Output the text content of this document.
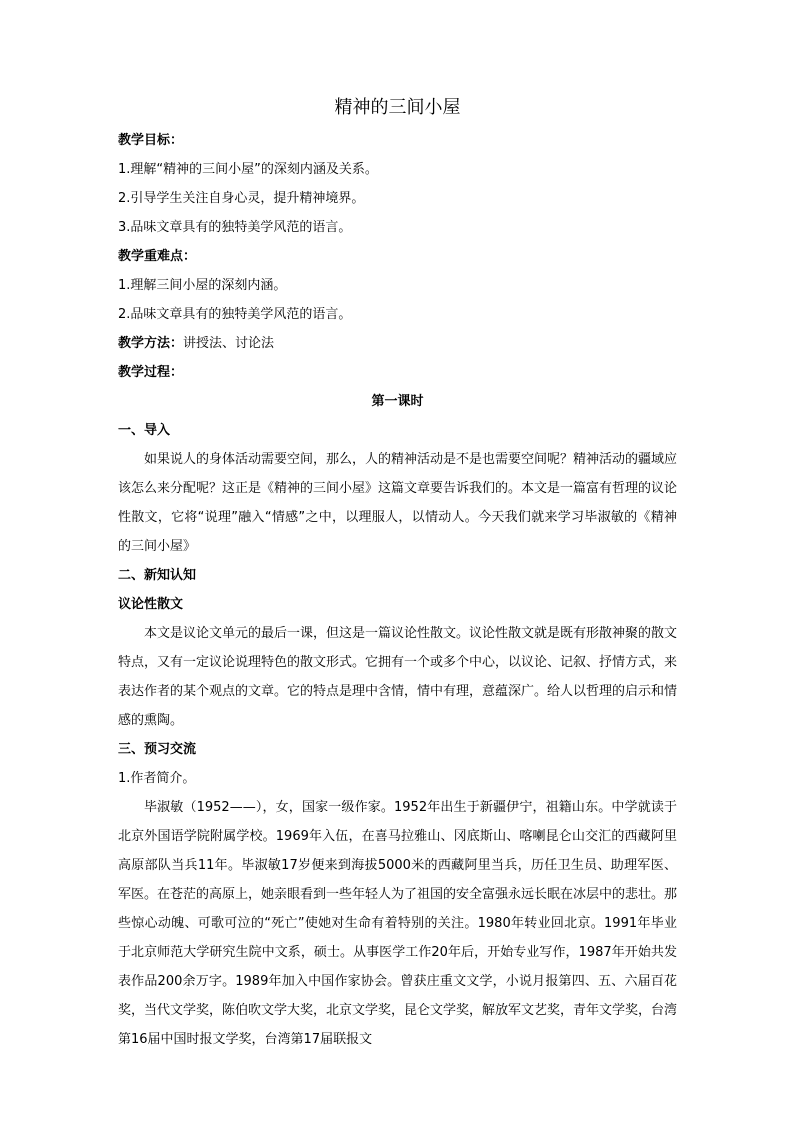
精神的三间小屋
教学目标：
1.理解“精神的三间小屋”的深刻内涵及关系。
2.引导学生关注自身心灵，提升精神境界。
3.品味文章具有的独特美学风范的语言。
教学重难点：
1.理解三间小屋的深刻内涵。
2.品味文章具有的独特美学风范的语言。
教学方法：讲授法、讨论法
教学过程：
第一课时
一、导入

如果说人的身体活动需要空间，那么，人的精神活动是不是也需要空间呢？精神活动的疆域应该怎么来分配呢？这正是《精神的三间小屋》这篇文章要告诉我们的。本文是一篇富有哲理的议论性散文，它将“说理”融入“情感”之中，以理服人，以情动人。今天我们就来学习毕淑敏的《精神的三间小屋》

二、新知认知
议论性散文

本文是议论文单元的最后一课，但这是一篇议论性散文。议论性散文就是既有形散神聚的散文特点，又有一定议论说理特色的散文形式。它拥有一个或多个中心，以议论、记叙、抒情方式，来表达作者的某个观点的文章。它的特点是理中含情，情中有理，意蕴深广。给人以哲理的启示和情感的熏陶。

三、预习交流
1.作者简介。

毕淑敏（1952——），女，国家一级作家。1952年出生于新疆伊宁，祖籍山东。中学就读于北京外国语学院附属学校。1969年入伍，在喜马拉雅山、冈底斯山、喀喇昆仑山交汇的西藏阿里高原部队当兵11年。毕淑敏17岁便来到海拔5000米的西藏阿里当兵，历任卫生员、助理军医、军医。在苍茫的高原上，她亲眼看到一些年轻人为了祖国的安全富强永远长眠在冰层中的悲壮。那些惊心动魄、可歌可泣的“死亡”使她对生命有着特别的关注。1980年转业回北京。1991年毕业于北京师范大学研究生院中文系，硕士。从事医学工作20年后，开始专业写作，1987年开始共发表作品200余万字。1989年加入中国作家协会。曾获庄重文文学，小说月报第四、五、六届百花奖，当代文学奖，陈伯吹文学大奖，北京文学奖，昆仑文学奖，解放军文艺奖，青年文学奖，台湾第16届中国时报文学奖，台湾第17届联报文
